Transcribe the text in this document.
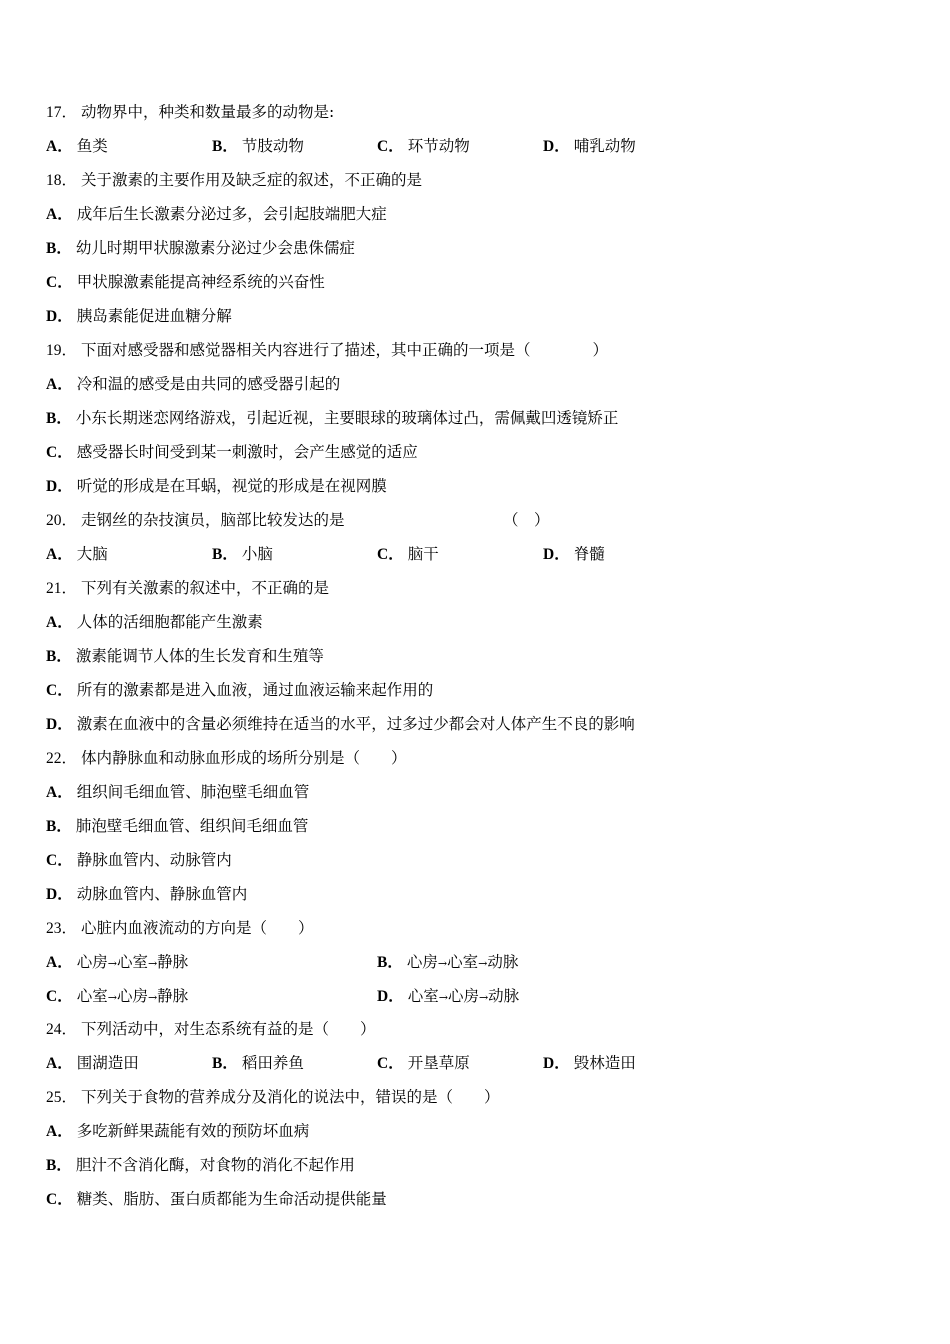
17． 动物界中，种类和数量最多的动物是:
A． 鱼类	B． 节肢动物	C． 环节动物	D． 哺乳动物
18． 关于激素的主要作用及缺乏症的叙述，不正确的是
A． 成年后生长激素分泌过多，会引起肢端肥大症
B． 幼儿时期甲状腺激素分泌过少会患侏儒症
C． 甲状腺激素能提高神经系统的兴奋性
D． 胰岛素能促进血糖分解
19． 下面对感受器和感觉器相关内容进行了描述，其中正确的一项是（　　　　）
A． 冷和温的感受是由共同的感受器引起的
B． 小东长期迷恋网络游戏，引起近视，主要眼球的玻璃体过凸，需佩戴凹透镜矫正
C． 感受器长时间受到某一刺激时，会产生感觉的适应
D． 听觉的形成是在耳蜗，视觉的形成是在视网膜
20． 走钢丝的杂技演员，脑部比较发达的是	（　）
A． 大脑	B． 小脑	C． 脑干	D． 脊髓
21． 下列有关激素的叙述中，不正确的是
A． 人体的活细胞都能产生激素
B． 激素能调节人体的生长发育和生殖等
C． 所有的激素都是进入血液，通过血液运输来起作用的
D． 激素在血液中的含量必须维持在适当的水平，过多过少都会对人体产生不良的影响
22． 体内静脉血和动脉血形成的场所分别是（　　）
A． 组织间毛细血管、肺泡壁毛细血管
B． 肺泡壁毛细血管、组织间毛细血管
C． 静脉血管内、动脉管内
D． 动脉血管内、静脉血管内
23． 心脏内血液流动的方向是（　　）
A． 心房→心室→静脉	B． 心房→心室→动脉
C． 心室→心房→静脉	D． 心室→心房→动脉
24． 下列活动中，对生态系统有益的是（　　）
A． 围湖造田	B． 稻田养鱼	C． 开垦草原	D． 毁林造田
25． 下列关于食物的营养成分及消化的说法中，错误的是（　　）
A． 多吃新鲜果蔬能有效的预防坏血病
B． 胆汁不含消化酶，对食物的消化不起作用
C． 糖类、脂肪、蛋白质都能为生命活动提供能量
